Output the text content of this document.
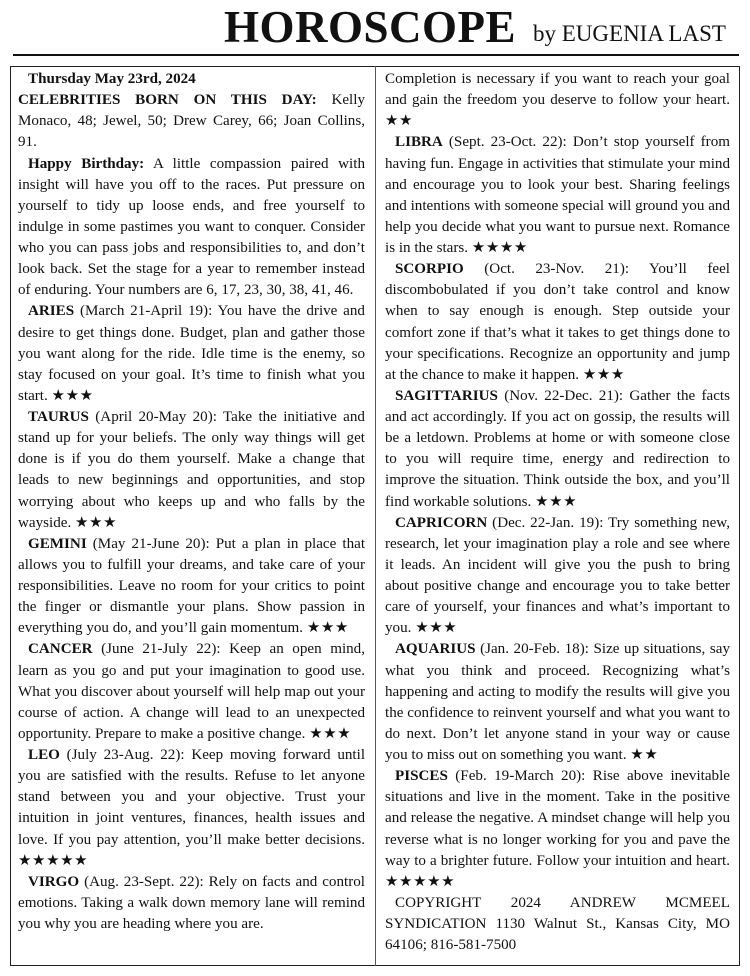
HOROSCOPE by EUGENIA LAST

Thursday May 23rd, 2024

CELEBRITIES BORN ON THIS DAY: Kelly Monaco, 48; Jewel, 50; Drew Carey, 66; Joan Collins, 91.

Happy Birthday: A little compassion paired with insight will have you off to the races. Put pressure on yourself to tidy up loose ends, and free yourself to indulge in some pastimes you want to conquer. Consider who you can pass jobs and responsibilities to, and don’t look back. Set the stage for a year to remember instead of enduring. Your numbers are 6, 17, 23, 30, 38, 41, 46.

ARIES (March 21-April 19): You have the drive and desire to get things done. Budget, plan and gather those you want along for the ride. Idle time is the enemy, so stay focused on your goal. It’s time to finish what you start. ★★★

TAURUS (April 20-May 20): Take the initiative and stand up for your beliefs. The only way things will get done is if you do them yourself. Make a change that leads to new beginnings and opportunities, and stop worrying about who keeps up and who falls by the wayside. ★★★

GEMINI (May 21-June 20): Put a plan in place that allows you to fulfill your dreams, and take care of your responsibilities. Leave no room for your critics to point the finger or dismantle your plans. Show passion in everything you do, and you’ll gain momentum. ★★★

CANCER (June 21-July 22): Keep an open mind, learn as you go and put your imagination to good use. What you discover about yourself will help map out your course of action. A change will lead to an unexpected opportunity. Prepare to make a positive change. ★★★

LEO (July 23-Aug. 22): Keep moving forward until you are satisfied with the results. Refuse to let anyone stand between you and your objective. Trust your intuition in joint ventures, finances, health issues and love. If you pay attention, you’ll make better decisions. ★★★★★

VIRGO (Aug. 23-Sept. 22): Rely on facts and control emotions. Taking a walk down memory lane will remind you why you are heading where you are.

Completion is necessary if you want to reach your goal and gain the freedom you deserve to follow your heart. ★★

LIBRA (Sept. 23-Oct. 22): Don’t stop yourself from having fun. Engage in activities that stimulate your mind and encourage you to look your best. Sharing feelings and intentions with someone special will ground you and help you decide what you want to pursue next. Romance is in the stars. ★★★★

SCORPIO (Oct. 23-Nov. 21): You’ll feel discombobulated if you don’t take control and know when to say enough is enough. Step outside your comfort zone if that’s what it takes to get things done to your specifications. Recognize an opportunity and jump at the chance to make it happen. ★★★

SAGITTARIUS (Nov. 22-Dec. 21): Gather the facts and act accordingly. If you act on gossip, the results will be a letdown. Problems at home or with someone close to you will require time, energy and redirection to improve the situation. Think outside the box, and you’ll find workable solutions. ★★★

CAPRICORN (Dec. 22-Jan. 19): Try something new, research, let your imagination play a role and see where it leads. An incident will give you the push to bring about positive change and encourage you to take better care of yourself, your finances and what’s important to you. ★★★

AQUARIUS (Jan. 20-Feb. 18): Size up situations, say what you think and proceed. Recognizing what’s happening and acting to modify the results will give you the confidence to reinvent yourself and what you want to do next. Don’t let anyone stand in your way or cause you to miss out on something you want. ★★

PISCES (Feb. 19-March 20): Rise above inevitable situations and live in the moment. Take in the positive and release the negative. A mindset change will help you reverse what is no longer working for you and pave the way to a brighter future. Follow your intuition and heart. ★★★★★

COPYRIGHT 2024 ANDREW MCMEEL SYNDICATION 1130 Walnut St., Kansas City, MO 64106; 816-581-7500
